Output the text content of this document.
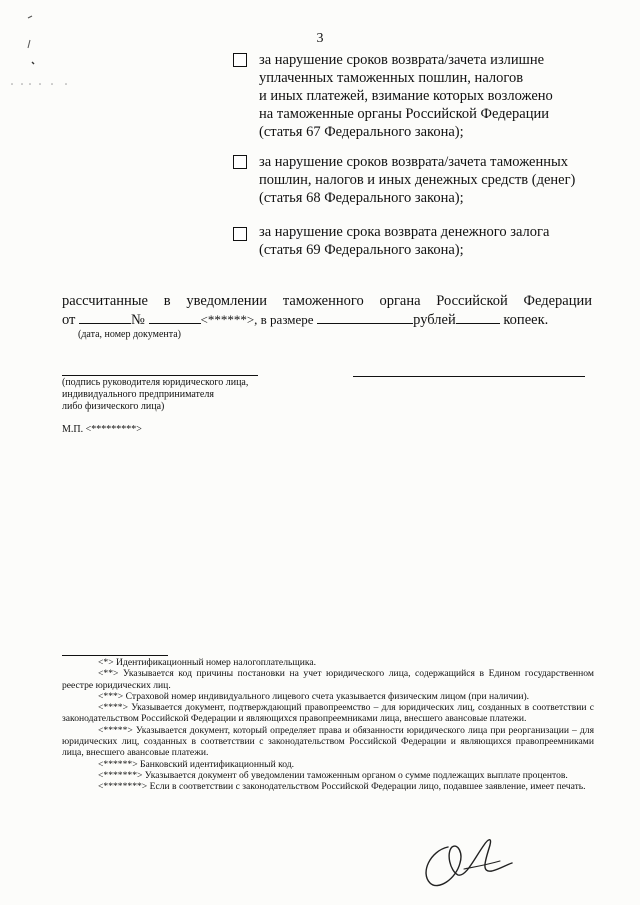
3
за нарушение сроков возврата/зачета излишне
уплаченных таможенных пошлин, налогов
и иных платежей, взимание которых возложено
на таможенные органы Российской Федерации
(статья 67 Федерального закона);
за нарушение сроков возврата/зачета таможенных
пошлин, налогов и иных денежных средств (денег)
(статья 68 Федерального закона);
за нарушение срока возврата денежного залога
(статья 69 Федерального закона);
рассчитанные в уведомлении таможенного органа Российской Федерации
от	№	<******>, в размере	рублей	копеек.
(дата, номер документа)
(подпись руководителя юридического лица,
индивидуального предпринимателя
либо физического лица)
М.П. <*********>

<*> Идентификационный номер налогоплательщика.

<**> Указывается код причины постановки на учет юридического лица, содержащийся в Едином государственном реестре юридических лиц.

<***> Страховой номер индивидуального лицевого счета указывается физическим лицом (при наличии).

<****> Указывается документ, подтверждающий правопреемство – для юридических лиц, созданных в соответствии с законодательством Российской Федерации и являющихся правопреемниками лица, внесшего авансовые платежи.

<*****> Указывается документ, который определяет права и обязанности юридического лица при реорганизации – для юридических лиц, созданных в соответствии с законодательством Российской Федерации и являющихся правопреемниками лица, внесшего авансовые платежи.

<******> Банковский идентификационный код.

<*******> Указывается документ об уведомлении таможенным органом о сумме подлежащих выплате процентов.

<********> Если в соответствии с законодательством Российской Федерации лицо, подавшее заявление, имеет печать.
